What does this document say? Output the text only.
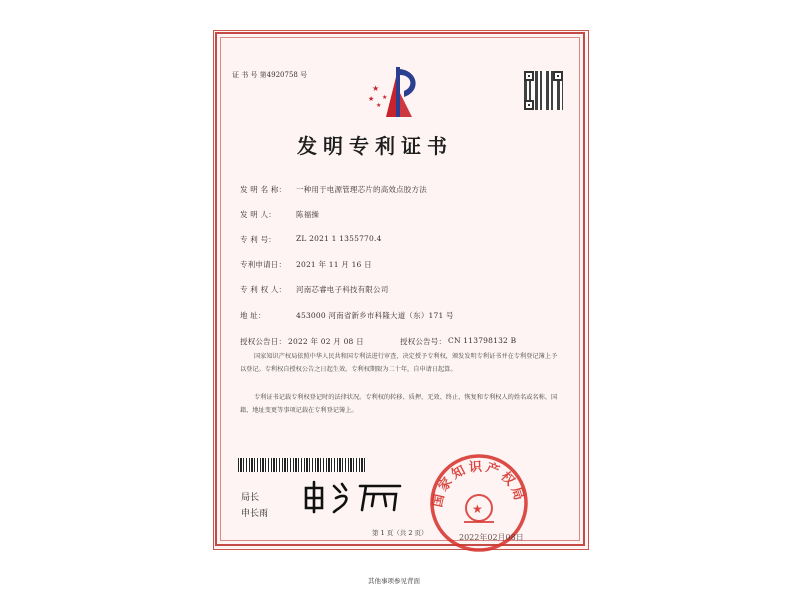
证 书 号 第4920758 号
★
★
★
★
发明专利证书
发 明 名 称： 一种用于电源管理芯片的高效点胶方法
发 明 人：	陈福操
专 利 号：	ZL 2021 1 1355770.4
专利申请日： 2021 年 11 月 16 日
专 利 权 人： 河南芯睿电子科技有限公司
地 址：	453000 河南省新乡市科隆大道（东）171 号
授权公告日： 2022 年 02 月 08 日	授权公告号： CN 113798132 B
国家知识产权局依照中华人民共和国专利法进行审查，决定授予专利权，颁发发明专利证书并在专利登记簿上予以登记。专利权自授权公告之日起生效。专利权期限为二十年，自申请日起算。
专利证书记载专利权登记时的法律状况。专利权的转移、质押、无效、终止、恢复和专利权人的姓名或名称、国籍、地址变更等事项记载在专利登记簿上。
局长
申长雨
国家知识产权局
★
2022年02月08日
第 1 页（共 2 页）
其他事项参见背面
